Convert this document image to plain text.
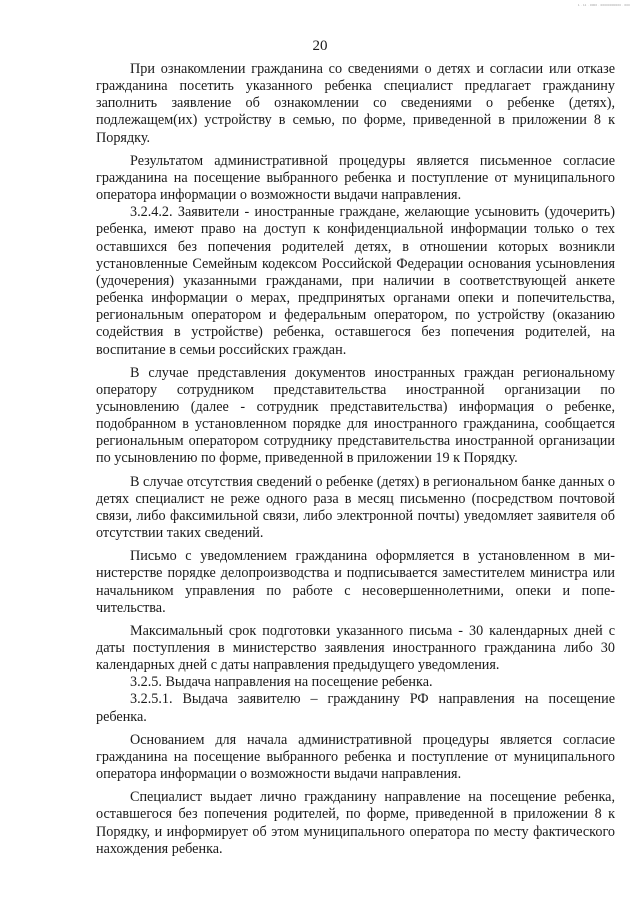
1 · 11 · 0000 · 00000000000 · 000
20

При ознакомлении гражданина со сведениями о детях и согласии или отказе гражданина посетить указанного ребенка специалист предлагает гражданину заполнить заявление об ознакомлении со сведениями о ребенке (детях), подлежащем(их) устройству в семью, по форме, приведенной в приложении 8 к Порядку.

Результатом административной процедуры является письменное согласие гражданина на посещение выбранного ребенка и поступление от муниципального оператора информации о возможности выдачи направления.

3.2.4.2. Заявители - иностранные граждане, желающие усыновить (удочерить) ребенка, имеют право на доступ к конфиденциальной информации только о тех оставшихся без попечения родителей детях, в отношении которых возникли установленные Семейным кодексом Российской Федерации основания усыновления (удочерения) указанными гражданами, при наличии в соответствующей анкете ребенка информации о мерах, предпринятых органами опеки и попечительства, региональным оператором и федеральным оператором, по устройству (оказанию содействия в устройстве) ребенка, оставшегося без попечения родителей, на воспитание в семьи российских граждан.

В случае представления документов иностранных граждан региональному оператору сотрудником представительства иностранной организации по усыновлению (далее - сотрудник представительства) информация о ребенке, подобранном в установленном порядке для иностранного гражданина, сообщается региональным оператором сотруднику представительства иностранной организации по усыновлению по форме, приведенной в приложении 19 к Порядку.

В случае отсутствия сведений о ребенке (детях) в региональном банке данных о детях специалист не реже одного раза в месяц письменно (посредством почтовой связи, либо факсимильной связи, либо электронной почты) уведомляет заявителя об отсутствии таких сведений.

Письмо с уведомлением гражданина оформляется в установленном в министерстве порядке делопроизводства и подписывается заместителем министра или начальником управления по работе с несовершеннолетними, опеки и попечительства.

Максимальный срок подготовки указанного письма - 30 календарных дней с даты поступления в министерство заявления иностранного гражданина либо 30 календарных дней с даты направления предыдущего уведомления.

3.2.5. Выдача направления на посещение ребенка.

3.2.5.1. Выдача заявителю – гражданину РФ направления на посещение ребенка.

Основанием для начала административной процедуры является согласие гражданина на посещение выбранного ребенка и поступление от муниципального оператора информации о возможности выдачи направления.

Специалист выдает лично гражданину направление на посещение ребенка, оставшегося без попечения родителей, по форме, приведенной в приложении 8 к Порядку, и информирует об этом муниципального оператора по месту фактического нахождения ребенка.
